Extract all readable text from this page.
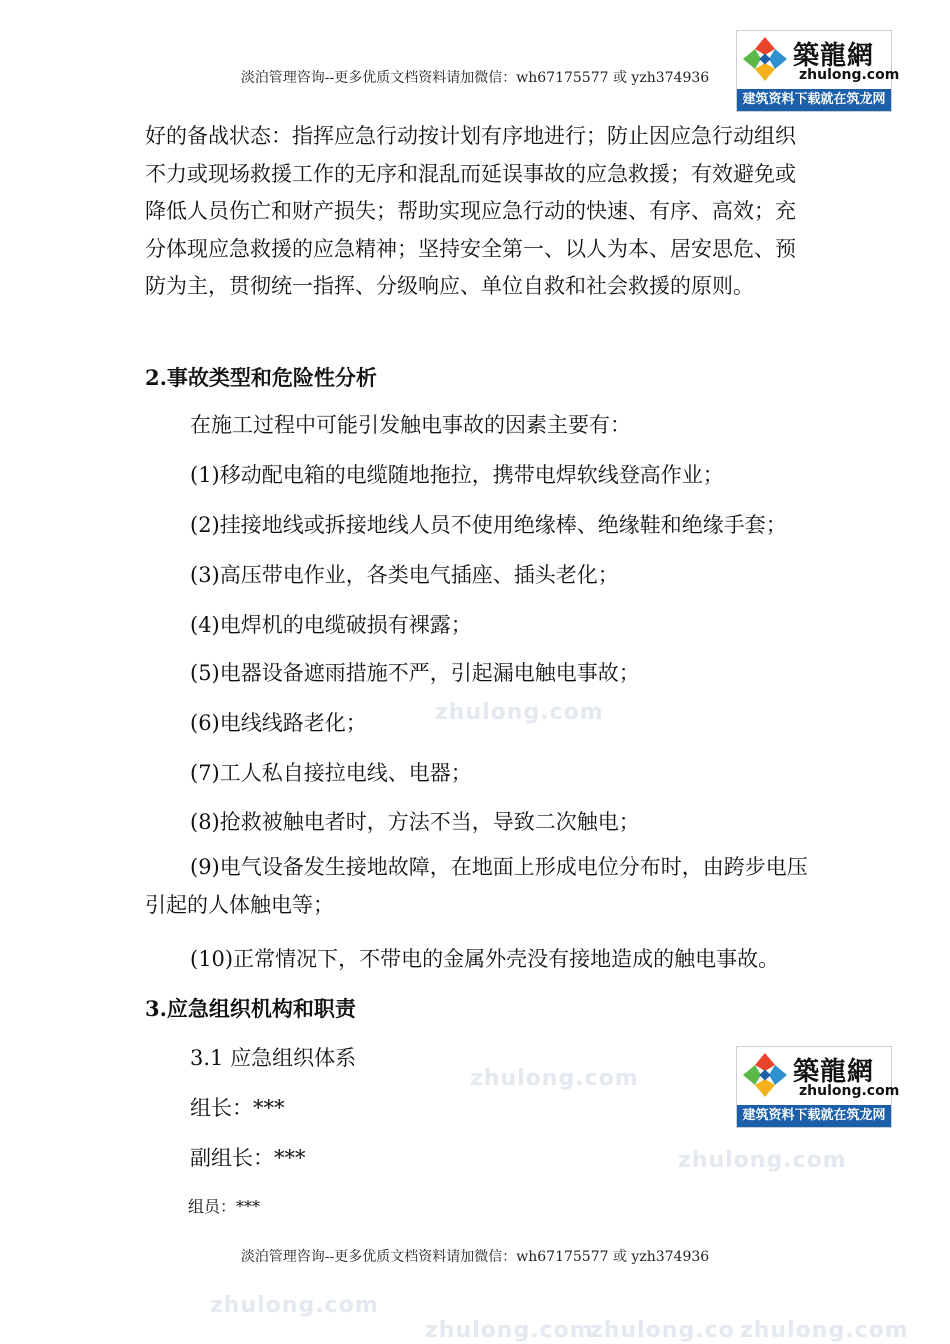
淡泊管理咨询--更多优质文档资料请加微信：wh67175577 或 yzh374936
築龍網
zhulong.com
建筑资料下载就在筑龙网
zhulong.com
zhulong.com
zhulong.com
zhulong.com
zhulong.com
zhulong.co zhulong.com

好的备战状态：指挥应急行动按计划有序地进行；防止因应急行动组织不力或现场救援工作的无序和混乱而延误事故的应急救援；有效避免或降低人员伤亡和财产损失；帮助实现应急行动的快速、有序、高效；充分体现应急救援的应急精神；坚持安全第一、以人为本、居安思危、预防为主，贯彻统一指挥、分级响应、单位自救和社会救援的原则。

2.事故类型和危险性分析
在施工过程中可能引发触电事故的因素主要有：
(1)移动配电箱的电缆随地拖拉，携带电焊软线登高作业；
(2)挂接地线或拆接地线人员不使用绝缘棒、绝缘鞋和绝缘手套；
(3)高压带电作业，各类电气插座、插头老化；
(4)电焊机的电缆破损有裸露；
(5)电器设备遮雨措施不严，引起漏电触电事故；
(6)电线线路老化；
(7)工人私自接拉电线、电器；
(8)抢救被触电者时，方法不当，导致二次触电；

(9)电气设备发生接地故障，在地面上形成电位分布时，由跨步电压引起的人体触电等；

(10)正常情况下，不带电的金属外壳没有接地造成的触电事故。
3.应急组织机构和职责
3.1 应急组织体系
组长：***
副组长：***
组员：***
築龍網
zhulong.com
建筑资料下载就在筑龙网
淡泊管理咨询--更多优质文档资料请加微信：wh67175577 或 yzh374936
